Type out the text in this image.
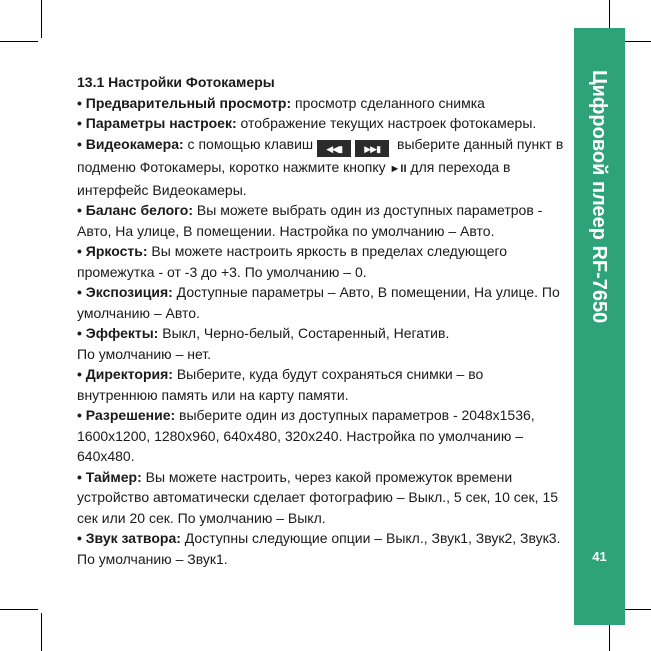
Цифровой плеер RF-7650
41

13.1 Настройки Фотокамеры

• Предварительный просмотр: просмотр сделанного снимка

• Параметры настроек: отображение текущих настроек фотокамеры.

• Видеокамера: с помощью клавиш	◀◀▮	▶▶▮ выберите данный пункт в подменю Фотокамеры, коротко нажмите кнопку ►II для перехода в интерфейс Видеокамеры.

• Баланс белого: Вы можете выбрать один из доступных параметров - Авто, На улице, В помещении. Настройка по умолчанию – Авто.

• Яркость: Вы можете настроить яркость в пределах следующего промежутка - от -3 до +3. По умолчанию – 0.

• Экспозиция: Доступные параметры – Авто, В помещении, На улице. По умолчанию – Авто.

• Эффекты: Выкл, Черно-белый, Состаренный, Негатив.
По умолчанию – нет.

• Директория: Выберите, куда будут сохраняться снимки – во внутреннюю память или на карту памяти.

• Разрешение: выберите один из доступных параметров - 2048x1536, 1600x1200, 1280x960, 640x480, 320x240. Настройка по умолчанию – 640x480.

• Таймер: Вы можете настроить, через какой промежуток времени устройство автоматически сделает фотографию – Выкл., 5 сек, 10 сек, 15 сек или 20 сек. По умолчанию – Выкл.

• Звук затвора: Доступны следующие опции – Выкл., Звук1, Звук2, Звук3. По умолчанию – Звук1.
